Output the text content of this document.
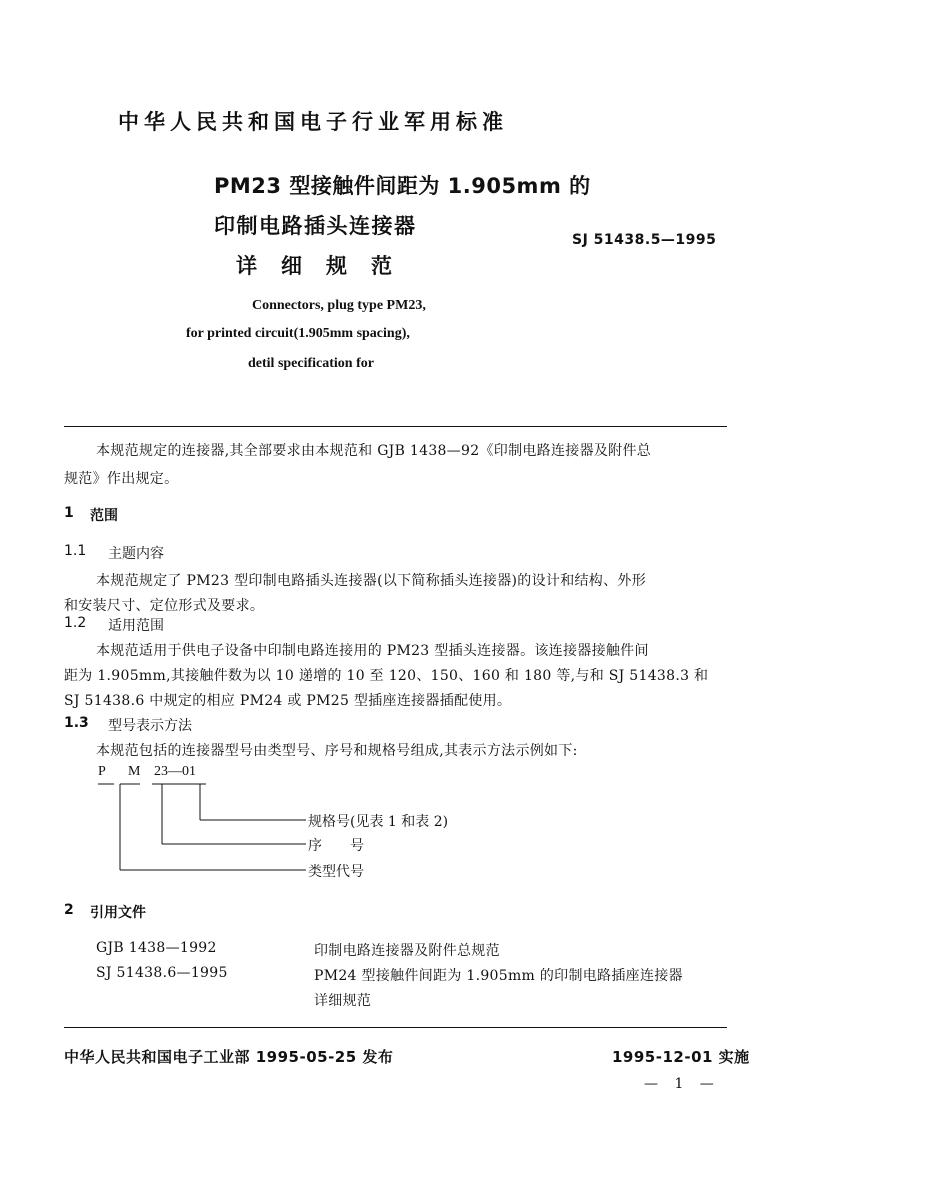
中华人民共和国电子行业军用标准
PM23 型接触件间距为 1.905mm 的
印制电路插头连接器
详细规范
SJ 51438.5—1995
Connectors, plug type PM23,
for printed circuit(1.905mm spacing),
detil specification for
本规范规定的连接器,其全部要求由本规范和 GJB 1438—92《印制电路连接器及附件总
规范》作出规定。
1 范围
1.1 主题内容
本规范规定了 PM23 型印制电路插头连接器(以下简称插头连接器)的设计和结构、外形
和安装尺寸、定位形式及要求。
1.2 适用范围
本规范适用于供电子设备中印制电路连接用的 PM23 型插头连接器。该连接器接触件间
距为 1.905mm,其接触件数为以 10 递增的 10 至 120、150、160 和 180 等,与和 SJ 51438.3 和
SJ 51438.6 中规定的相应 PM24 或 PM25 型插座连接器插配使用。
1.3 型号表示方法
本规范包括的连接器型号由类型号、序号和规格号组成,其表示方法示例如下:
P M 23—01
规格号(见表 1 和表 2)
序　　号
类型代号
2 引用文件
GJB 1438—1992	印制电路连接器及附件总规范
SJ 51438.6—1995	PM24 型接触件间距为 1.905mm 的印制电路插座连接器
详细规范
中华人民共和国电子工业部 1995-05-25 发布	1995-12-01 实施
— 1 —
